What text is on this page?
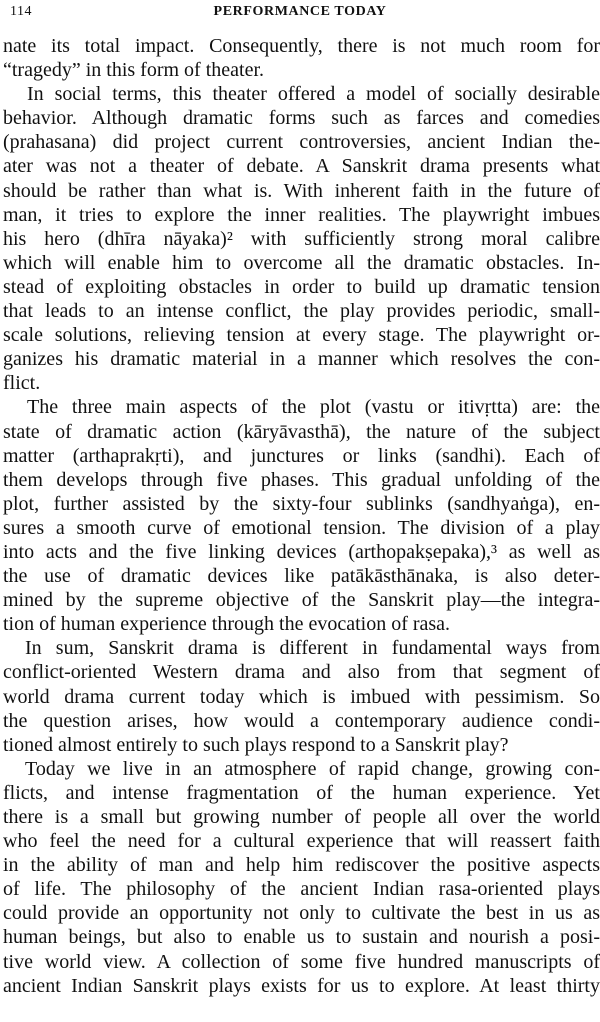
114	PERFORMANCE TODAY
nate its total impact. Consequently, there is not much room for
“tragedy” in this form of theater.
In social terms, this theater offered a model of socially desirable
behavior. Although dramatic forms such as farces and comedies
(prahasana) did project current controversies, ancient Indian the-
ater was not a theater of debate. A Sanskrit drama presents what
should be rather than what is. With inherent faith in the future of
man, it tries to explore the inner realities. The playwright imbues
his hero (dhīra nāyaka)² with sufficiently strong moral calibre
which will enable him to overcome all the dramatic obstacles. In-
stead of exploiting obstacles in order to build up dramatic tension
that leads to an intense conflict, the play provides periodic, small-
scale solutions, relieving tension at every stage. The playwright or-
ganizes his dramatic material in a manner which resolves the con-
flict.
The three main aspects of the plot (vastu or itivṛtta) are: the
state of dramatic action (kāryāvasthā), the nature of the subject
matter (arthaprakṛti), and junctures or links (sandhi). Each of
them develops through five phases. This gradual unfolding of the
plot, further assisted by the sixty-four sublinks (sandhyaṅga), en-
sures a smooth curve of emotional tension. The division of a play
into acts and the five linking devices (arthopakṣepaka),³ as well as
the use of dramatic devices like patākāsthānaka, is also deter-
mined by the supreme objective of the Sanskrit play—the integra-
tion of human experience through the evocation of rasa.
In sum, Sanskrit drama is different in fundamental ways from
conflict-oriented Western drama and also from that segment of
world drama current today which is imbued with pessimism. So
the question arises, how would a contemporary audience condi-
tioned almost entirely to such plays respond to a Sanskrit play?
Today we live in an atmosphere of rapid change, growing con-
flicts, and intense fragmentation of the human experience. Yet
there is a small but growing number of people all over the world
who feel the need for a cultural experience that will reassert faith
in the ability of man and help him rediscover the positive aspects
of life. The philosophy of the ancient Indian rasa-oriented plays
could provide an opportunity not only to cultivate the best in us as
human beings, but also to enable us to sustain and nourish a posi-
tive world view. A collection of some five hundred manuscripts of
ancient Indian Sanskrit plays exists for us to explore. At least thirty
